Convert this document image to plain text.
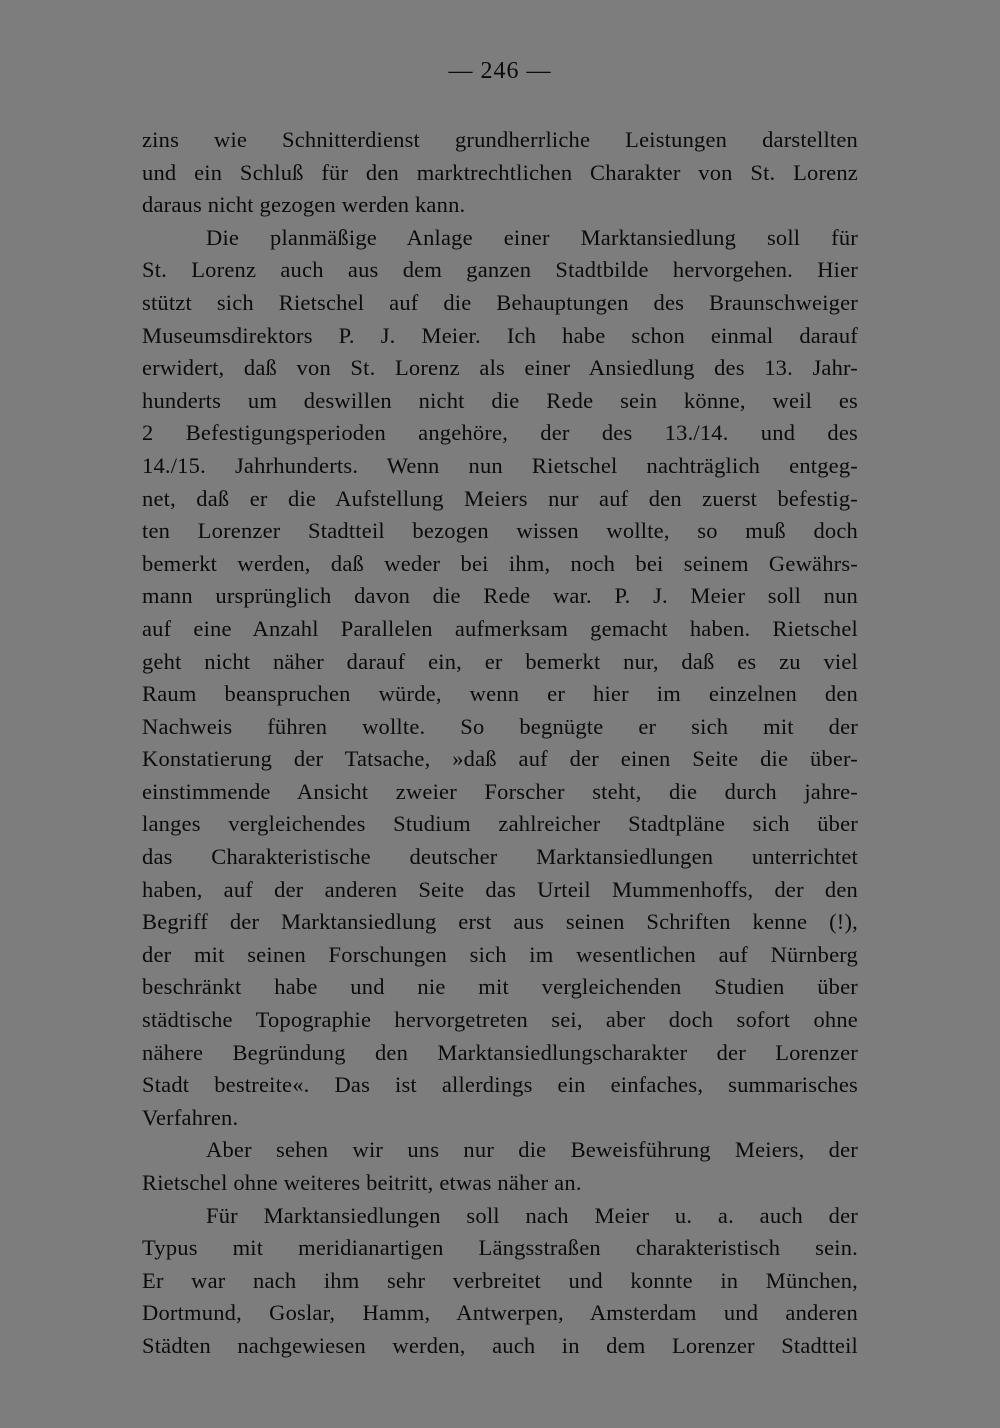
— 246 —
zins wie Schnitterdienst grundherrliche Leistungen darstellten
und ein Schluß für den marktrechtlichen Charakter von St. Lorenz
daraus nicht gezogen werden kann.
Die planmäßige Anlage einer Marktansiedlung soll für
St. Lorenz auch aus dem ganzen Stadtbilde hervorgehen. Hier
stützt sich Rietschel auf die Behauptungen des Braunschweiger
Museumsdirektors P. J. Meier. Ich habe schon einmal darauf
erwidert, daß von St. Lorenz als einer Ansiedlung des 13. Jahr-
hunderts um deswillen nicht die Rede sein könne, weil es
2 Befestigungsperioden angehöre, der des 13./14. und des
14./15. Jahrhunderts. Wenn nun Rietschel nachträglich entgeg-
net, daß er die Aufstellung Meiers nur auf den zuerst befestig-
ten Lorenzer Stadtteil bezogen wissen wollte, so muß doch
bemerkt werden, daß weder bei ihm, noch bei seinem Gewährs-
mann ursprünglich davon die Rede war. P. J. Meier soll nun
auf eine Anzahl Parallelen aufmerksam gemacht haben. Rietschel
geht nicht näher darauf ein, er bemerkt nur, daß es zu viel
Raum beanspruchen würde, wenn er hier im einzelnen den
Nachweis führen wollte. So begnügte er sich mit der
Konstatierung der Tatsache, »daß auf der einen Seite die über-
einstimmende Ansicht zweier Forscher steht, die durch jahre-
langes vergleichendes Studium zahlreicher Stadtpläne sich über
das Charakteristische deutscher Marktansiedlungen unterrichtet
haben, auf der anderen Seite das Urteil Mummenhoffs, der den
Begriff der Marktansiedlung erst aus seinen Schriften kenne (!),
der mit seinen Forschungen sich im wesentlichen auf Nürnberg
beschränkt habe und nie mit vergleichenden Studien über
städtische Topographie hervorgetreten sei, aber doch sofort ohne
nähere Begründung den Marktansiedlungscharakter der Lorenzer
Stadt bestreite«. Das ist allerdings ein einfaches, summarisches
Verfahren.
Aber sehen wir uns nur die Beweisführung Meiers, der
Rietschel ohne weiteres beitritt, etwas näher an.
Für Marktansiedlungen soll nach Meier u. a. auch der
Typus mit meridianartigen Längsstraßen charakteristisch sein.
Er war nach ihm sehr verbreitet und konnte in München,
Dortmund, Goslar, Hamm, Antwerpen, Amsterdam und anderen
Städten nachgewiesen werden, auch in dem Lorenzer Stadtteil
